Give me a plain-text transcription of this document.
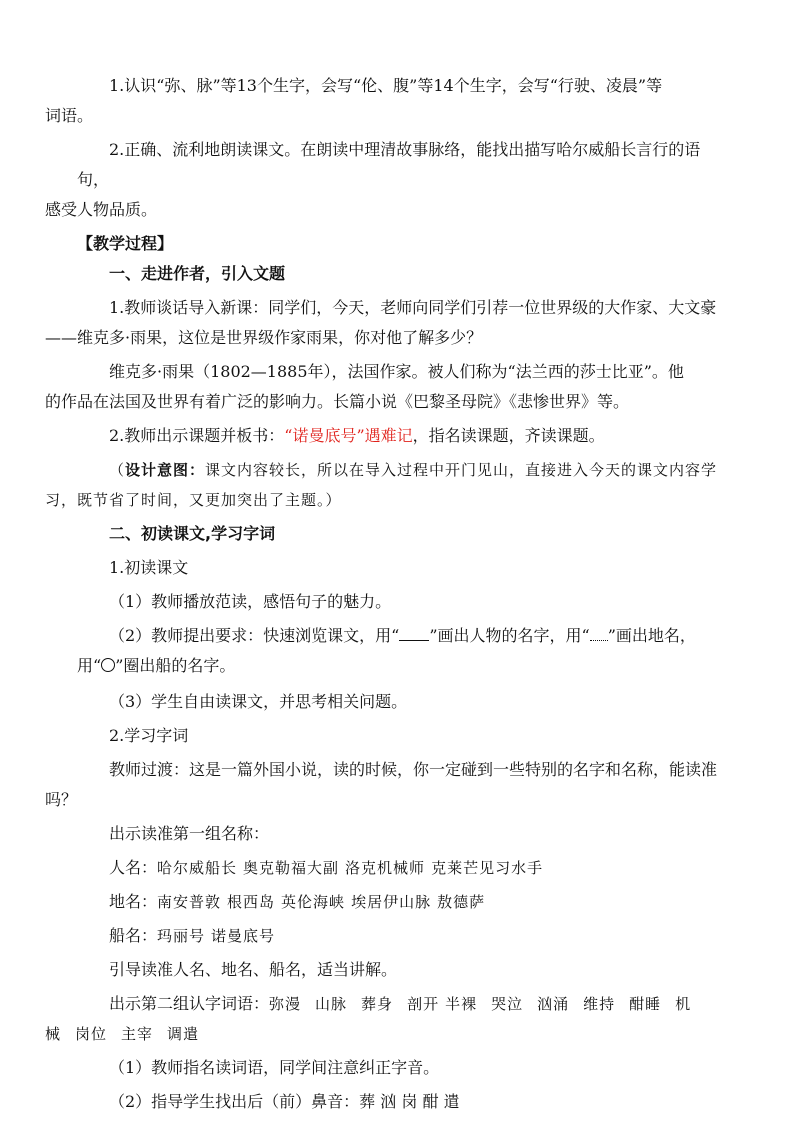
1.认识“弥、脉”等13个生字，会写“伦、腹”等14个生字，会写“行驶、凌晨”等
词语。

2.正确、流利地朗读课文。在朗读中理清故事脉络，能找出描写哈尔威船长言行的语句，
感受人物品质。

【教学过程】

一、走进作者，引入文题

1.教师谈话导入新课：同学们，今天，老师向同学们引荐一位世界级的大作家、大文豪
——维克多·雨果，这位是世界级作家雨果，你对他了解多少？

维克多·雨果（1802—1885年），法国作家。被人们称为“法兰西的莎士比亚”。他
的作品在法国及世界有着广泛的影响力。长篇小说《巴黎圣母院》《悲惨世界》等。

2.教师出示课题并板书：“诺曼底号”遇难记，指名读课题，齐读课题。

（设计意图：课文内容较长，所以在导入过程中开门见山，直接进入今天的课文内容学
习，既节省了时间，又更加突出了主题。）

二、初读课文,学习字词

1.初读课文

（1）教师播放范读，感悟句子的魅力。

（2）教师提出要求：快速浏览课文，用“ ”画出人物的名字，用“ ”画出地名，
用“○”圈出船的名字。

（3）学生自由读课文，并思考相关问题。

2.学习字词

教师过渡：这是一篇外国小说，读的时候，你一定碰到一些特别的名字和名称，能读准
吗？

出示读准第一组名称：

人名：哈尔威船长 奥克勒福大副 洛克机械师 克莱芒见习水手

地名：南安普敦 根西岛 英伦海峡 埃居伊山脉 敖德萨

船名：玛丽号 诺曼底号

引导读准人名、地名、船名，适当讲解。

出示第二组认字词语：弥漫 山脉 葬身 剖开 半裸 哭泣 汹涌 维持 酣睡 机
械 岗位 主宰 调遣

（1）教师指名读词语，同学间注意纠正字音。

（2）指导学生找出后（前）鼻音：葬 汹 岗 酣 遣
